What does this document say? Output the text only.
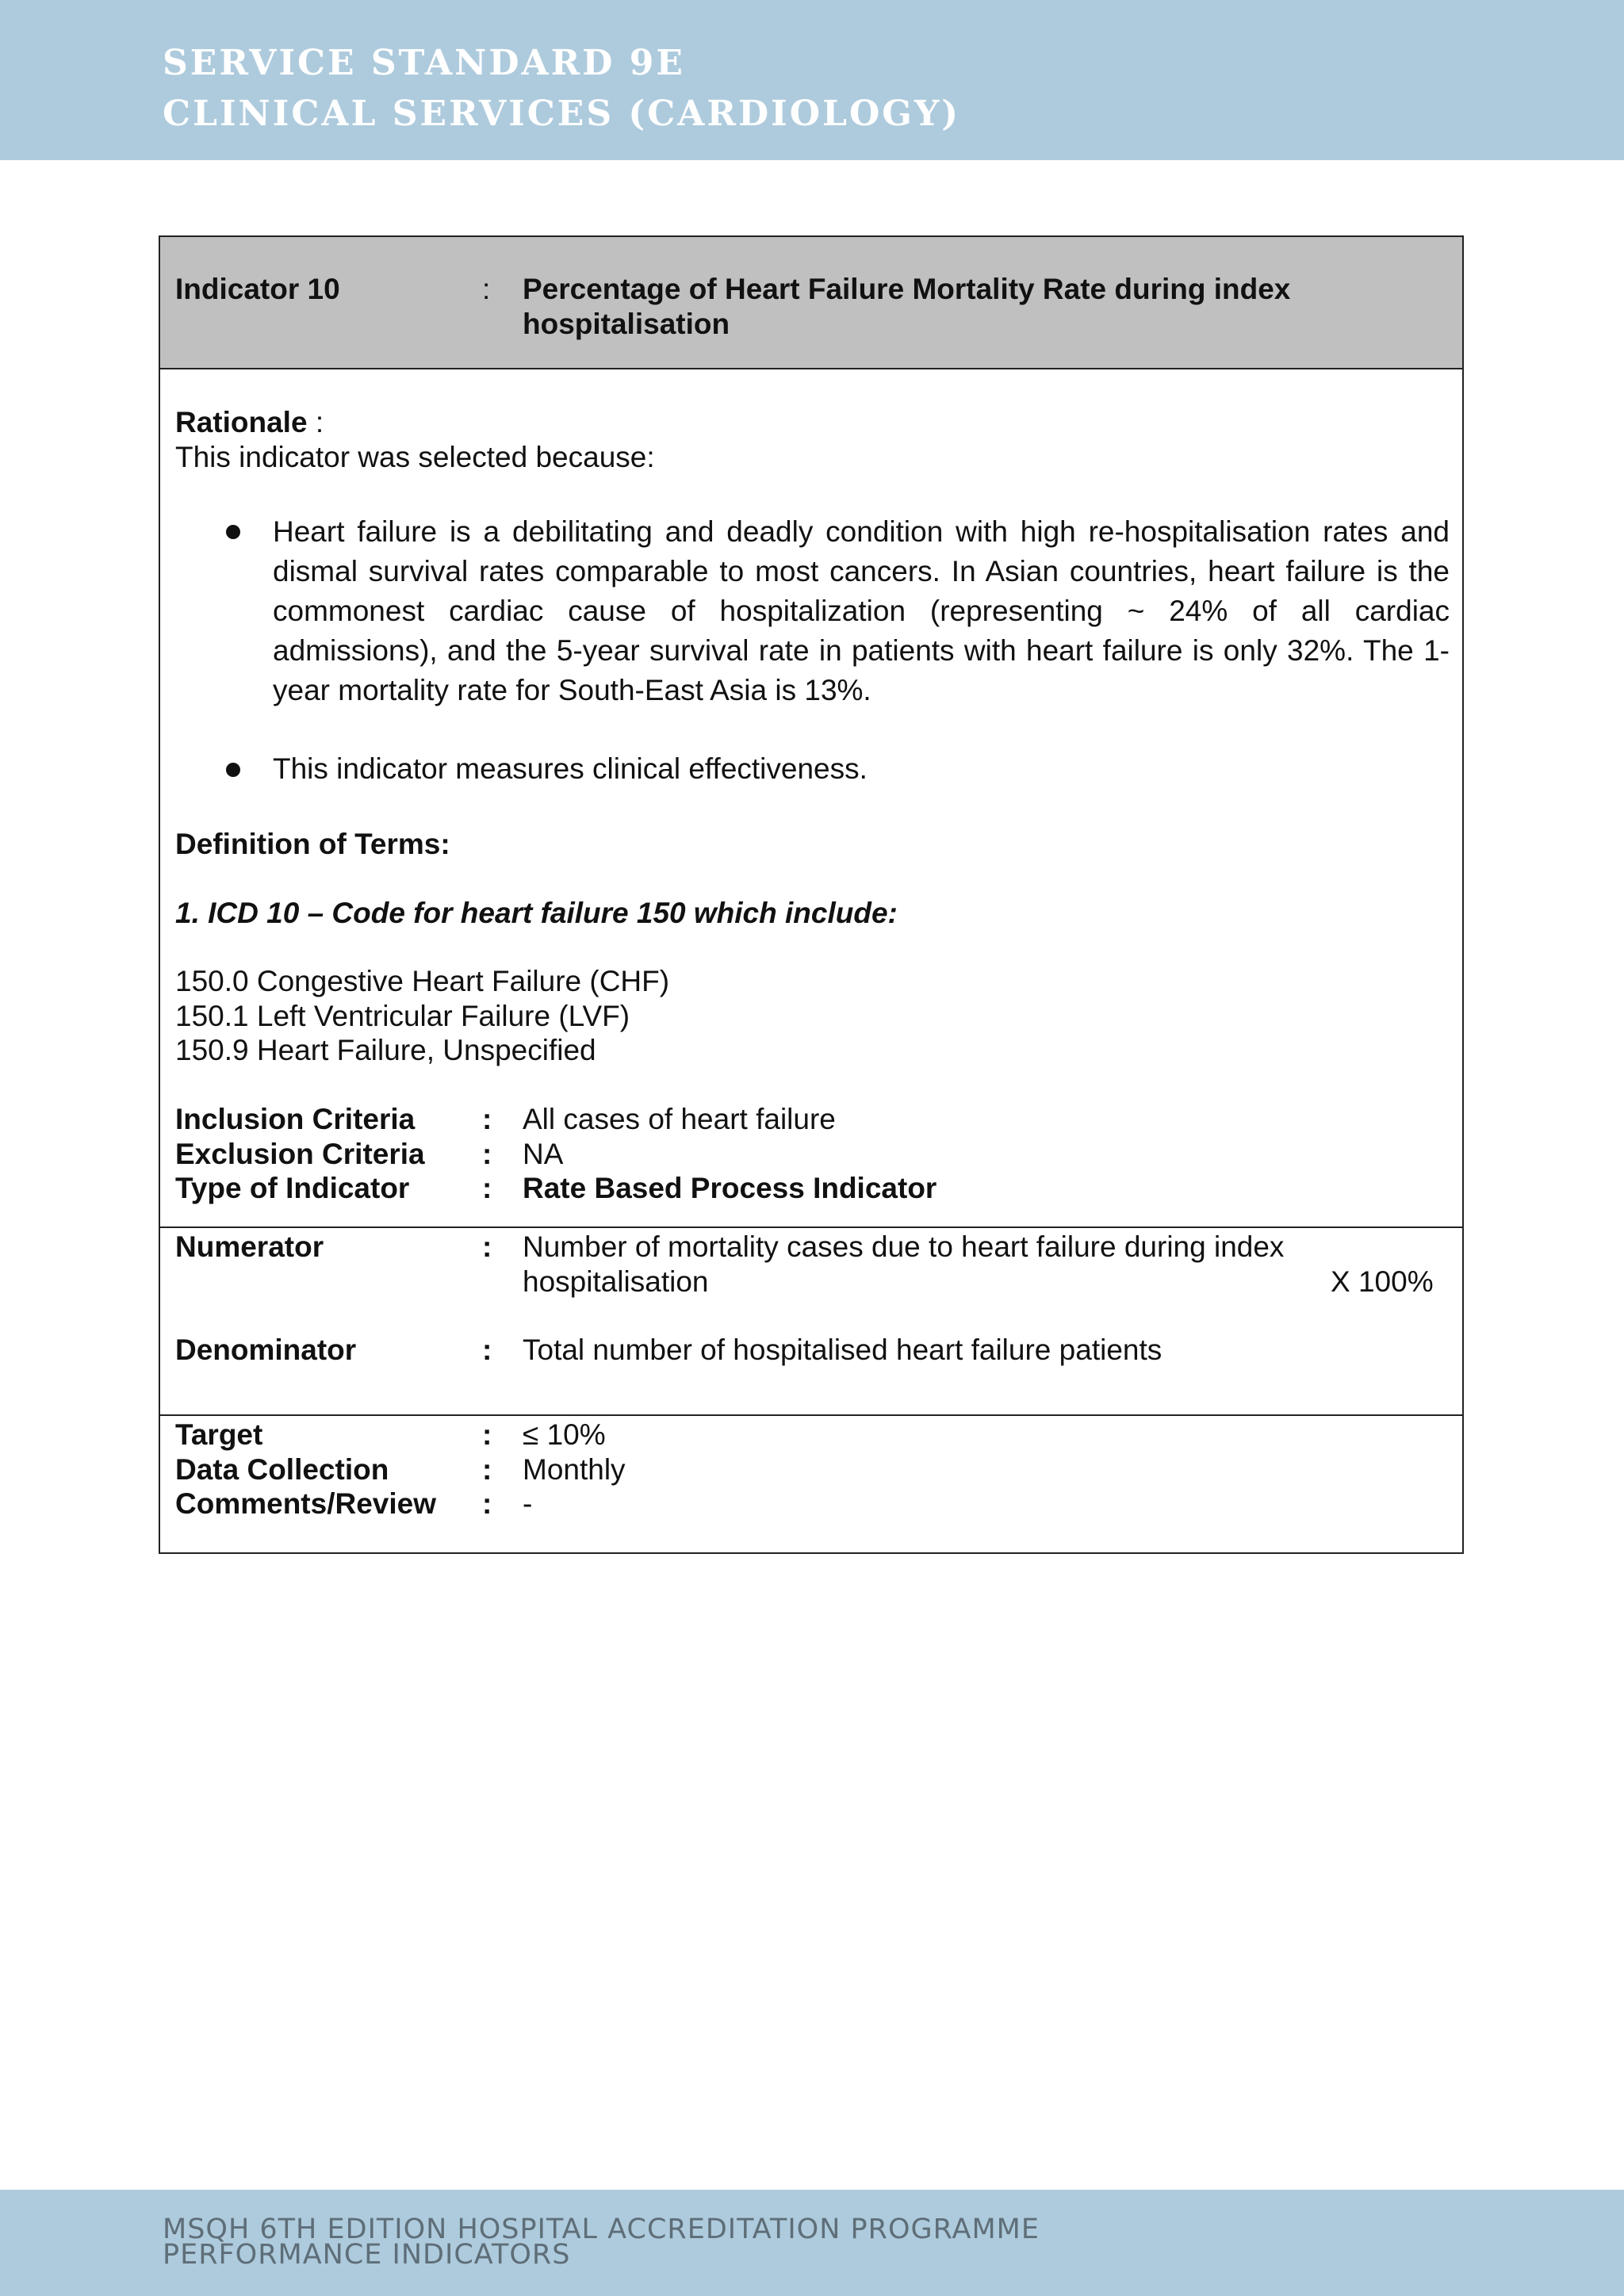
SERVICE STANDARD 9E
CLINICAL SERVICES (CARDIOLOGY)
Indicator 10	: Percentage of Heart Failure Mortality Rate during index
hospitalisation
Rationale :
This indicator was selected because:
Heart failure is a debilitating and deadly condition with high re-hospitalisation rates and dismal survival rates comparable to most cancers. In Asian countries, heart failure is the commonest cardiac cause of hospitalization (representing ~ 24% of all cardiac admissions), and the 5-year survival rate in patients with heart failure is only 32%. The 1-year mortality rate for South-East Asia is 13%.
This indicator measures clinical effectiveness.
Definition of Terms:
1. ICD 10 – Code for heart failure 150 which include:
150.0 Congestive Heart Failure (CHF)
150.1 Left Ventricular Failure (LVF)
150.9 Heart Failure, Unspecified
Inclusion Criteria : All cases of heart failure
Exclusion Criteria : NA
Type of Indicator : Rate Based Process Indicator
Numerator	: Number of mortality cases due to heart failure during index
hospitalisation	X 100%
Denominator	: Total number of hospitalised heart failure patients
Target	: ≤ 10%
Data Collection	: Monthly
Comments/Review : -
MSQH 6TH EDITION HOSPITAL ACCREDITATION PROGRAMME
PERFORMANCE INDICATORS
